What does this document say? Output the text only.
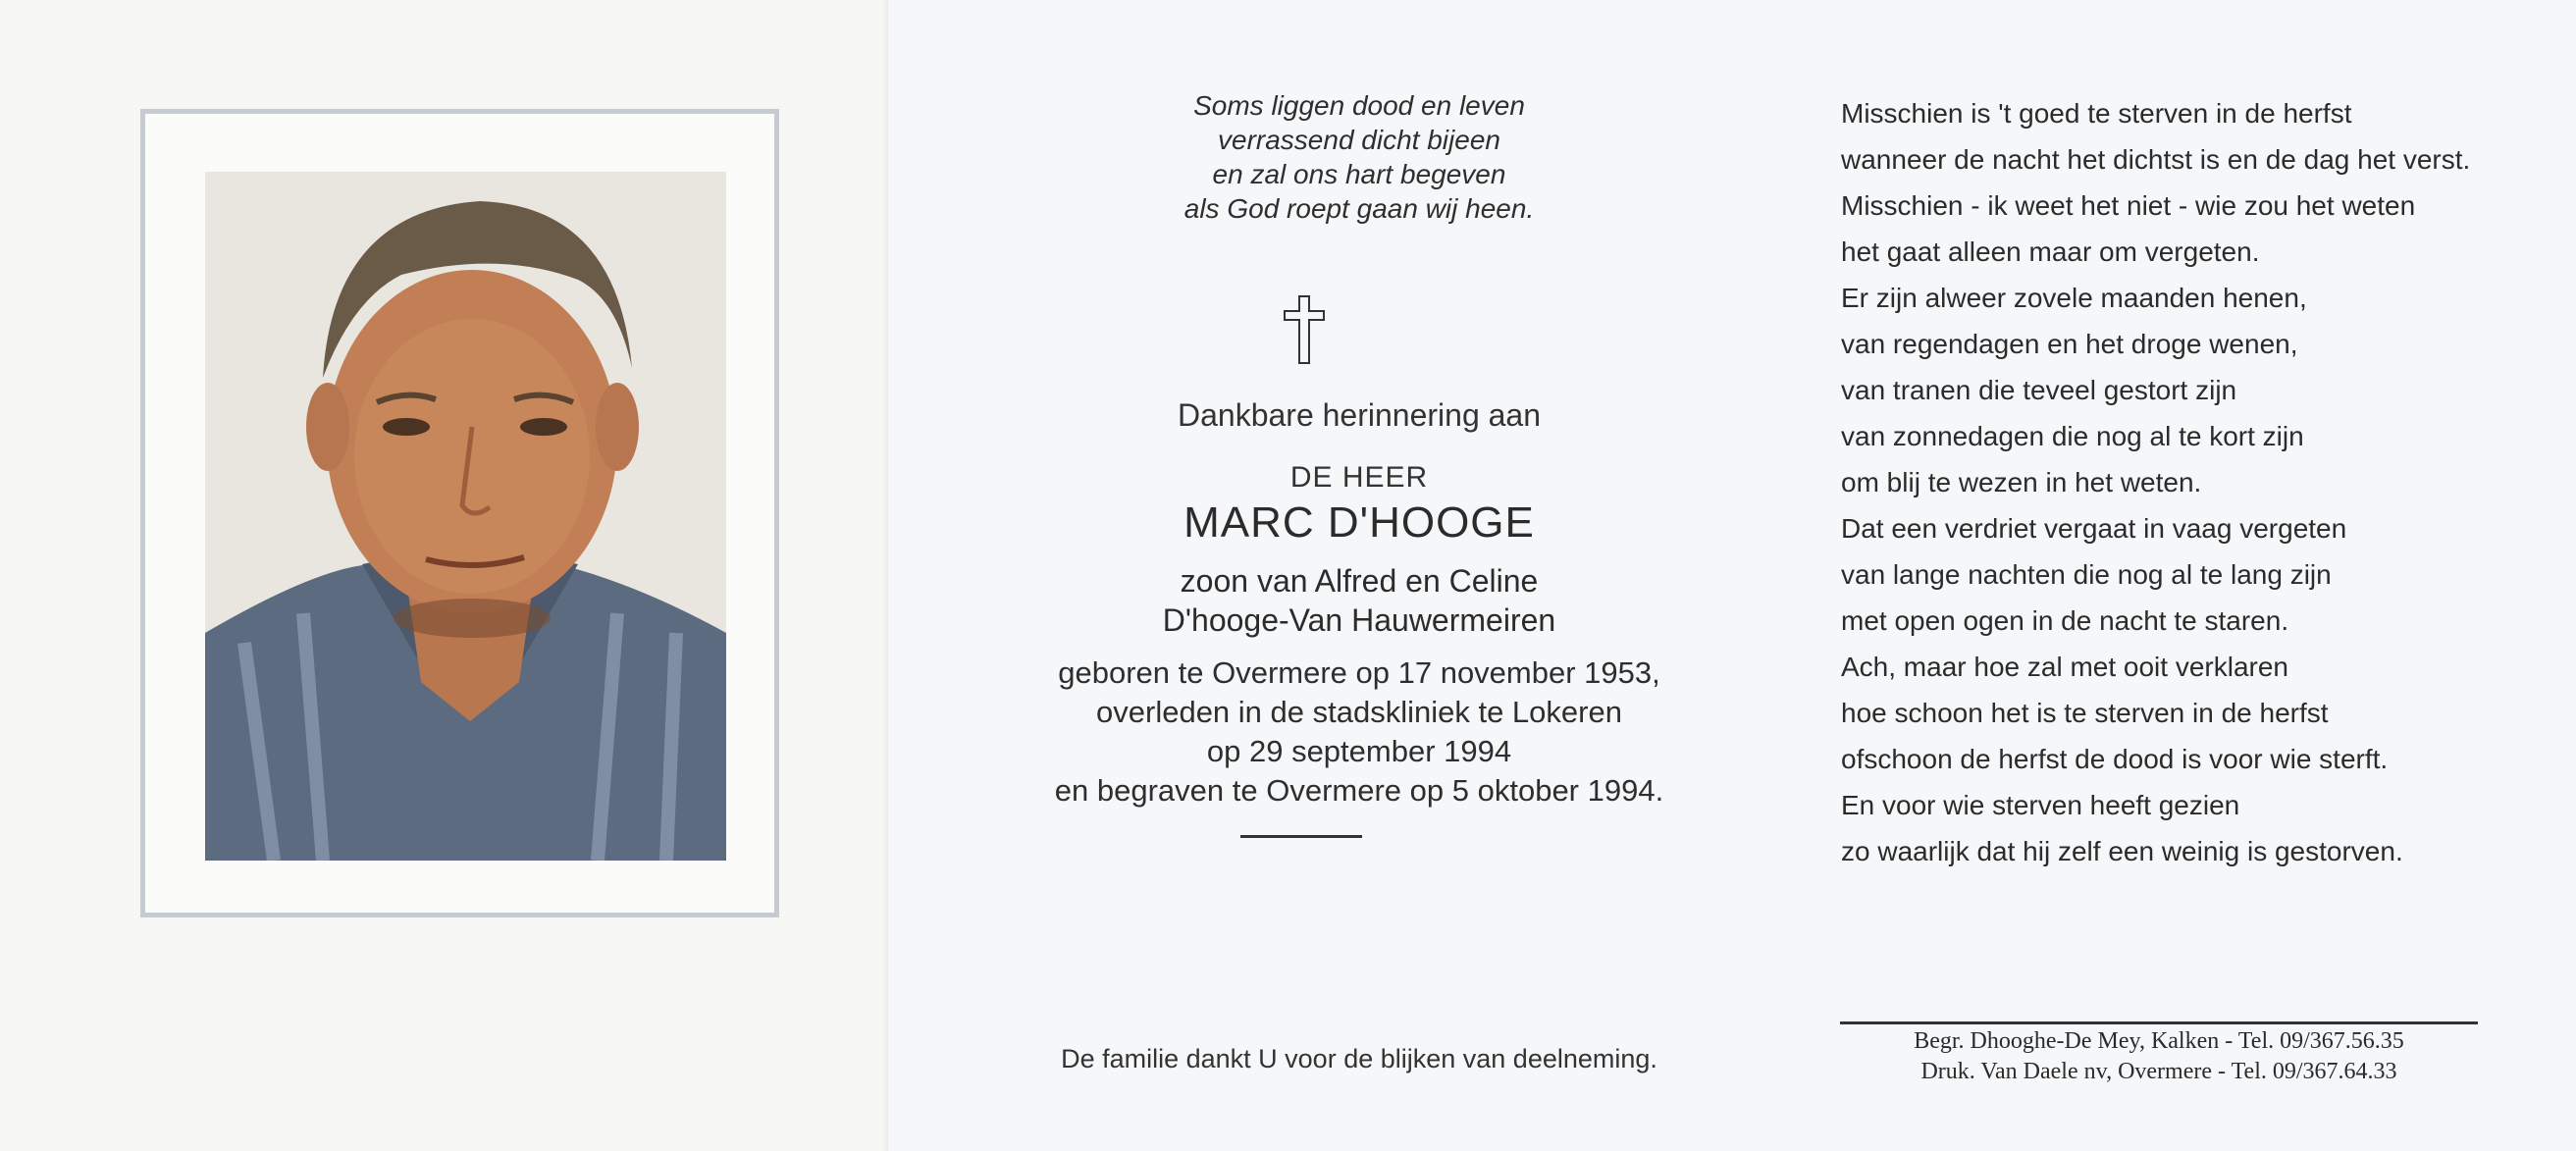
Soms liggen dood en leven
verrassend dicht bijeen
en zal ons hart begeven
als God roept gaan wij heen.
Dankbare herinnering aan
DE HEER
MARC D'HOOGE
zoon van Alfred en Celine
D'hooge-Van Hauwermeiren
geboren te Overmere op 17 november 1953,
overleden in de stadskliniek te Lokeren
op 29 september 1994
en begraven te Overmere op 5 oktober 1994.
De familie dankt U voor de blijken van deelneming.
Misschien is 't goed te sterven in de herfst
wanneer de nacht het dichtst is en de dag het verst.
Misschien - ik weet het niet - wie zou het weten
het gaat alleen maar om vergeten.
Er zijn alweer zovele maanden henen,
van regendagen en het droge wenen,
van tranen die teveel gestort zijn
van zonnedagen die nog al te kort zijn
om blij te wezen in het weten.
Dat een verdriet vergaat in vaag vergeten
van lange nachten die nog al te lang zijn
met open ogen in de nacht te staren.
Ach, maar hoe zal met ooit verklaren
hoe schoon het is te sterven in de herfst
ofschoon de herfst de dood is voor wie sterft.
En voor wie sterven heeft gezien
zo waarlijk dat hij zelf een weinig is gestorven.
Begr. Dhooghe-De Mey, Kalken - Tel. 09/367.56.35
Druk. Van Daele nv, Overmere - Tel. 09/367.64.33
